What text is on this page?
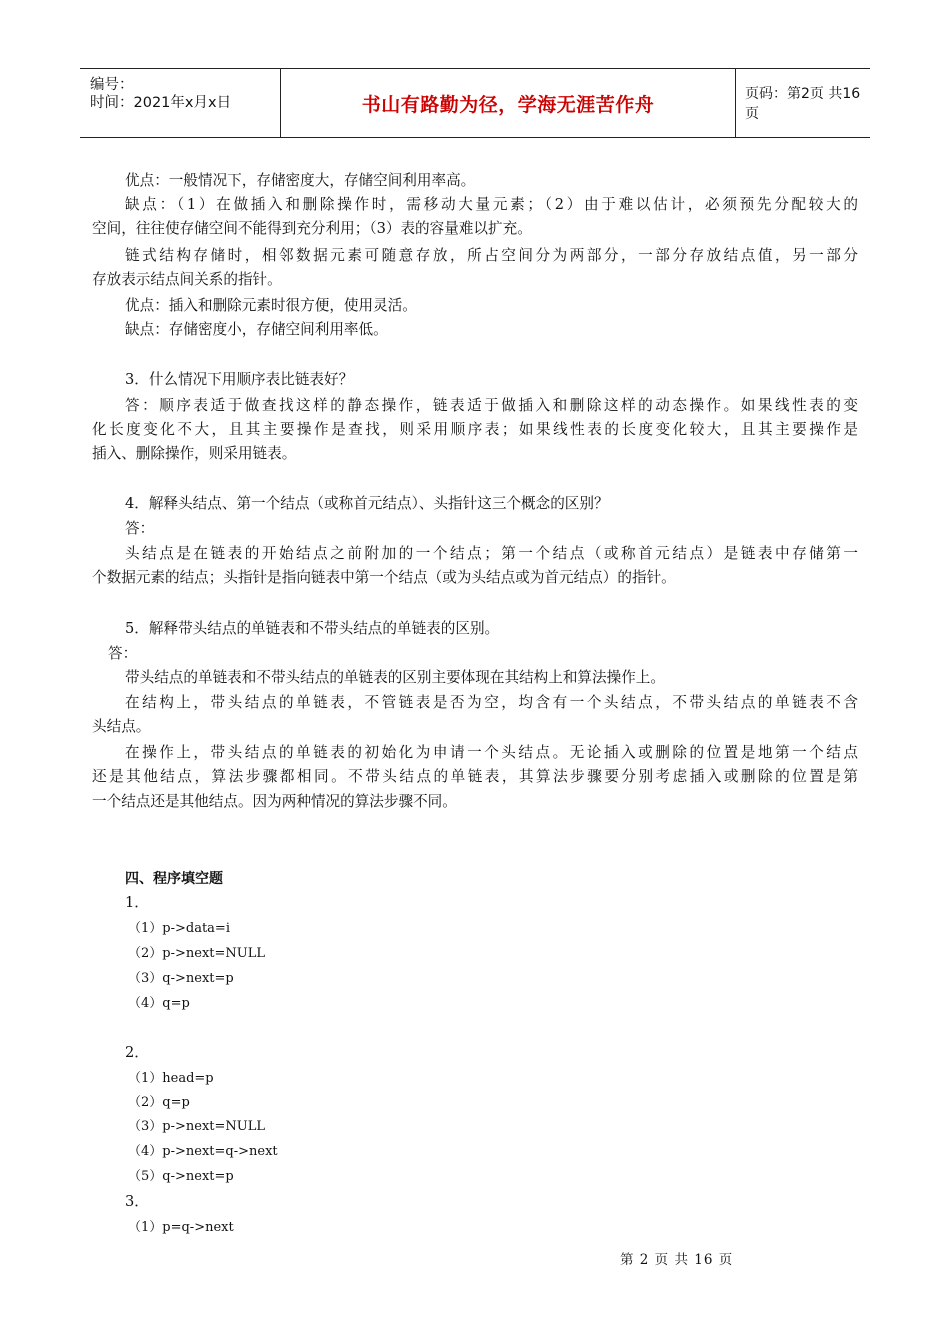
编号：
时间：2021年x月x日	书山有路勤为径，学海无涯苦作舟	页码：第2页 共16页
优点：一般情况下，存储密度大，存储空间利用率高。
缺点：（1）在做插入和删除操作时，需移动大量元素；（2）由于难以估计，必须预先分配较大的
空间，往往使存储空间不能得到充分利用；（3）表的容量难以扩充。
链式结构存储时，相邻数据元素可随意存放，所占空间分为两部分，一部分存放结点值，另一部分
存放表示结点间关系的指针。
优点：插入和删除元素时很方便，使用灵活。
缺点：存储密度小，存储空间利用率低。
3．什么情况下用顺序表比链表好？
答：顺序表适于做查找这样的静态操作，链表适于做插入和删除这样的动态操作。如果线性表的变
化长度变化不大，且其主要操作是查找，则采用顺序表；如果线性表的长度变化较大，且其主要操作是
插入、删除操作，则采用链表。
4．解释头结点、第一个结点（或称首元结点）、头指针这三个概念的区别？
答：
头结点是在链表的开始结点之前附加的一个结点；第一个结点（或称首元结点）是链表中存储第一
个数据元素的结点；头指针是指向链表中第一个结点（或为头结点或为首元结点）的指针。
5．解释带头结点的单链表和不带头结点的单链表的区别。
答：
带头结点的单链表和不带头结点的单链表的区别主要体现在其结构上和算法操作上。
在结构上，带头结点的单链表，不管链表是否为空，均含有一个头结点，不带头结点的单链表不含
头结点。
在操作上，带头结点的单链表的初始化为申请一个头结点。无论插入或删除的位置是地第一个结点
还是其他结点，算法步骤都相同。不带头结点的单链表，其算法步骤要分别考虑插入或删除的位置是第
一个结点还是其他结点。因为两种情况的算法步骤不同。
四、程序填空题
1．
（1）p->data=i
（2）p->next=NULL
（3）q->next=p
（4）q=p
2．
（1）head=p
（2）q=p
（3）p->next=NULL
（4）p->next=q->next
（5）q->next=p
3．
（1）p=q->next
第 2 页 共 16 页
